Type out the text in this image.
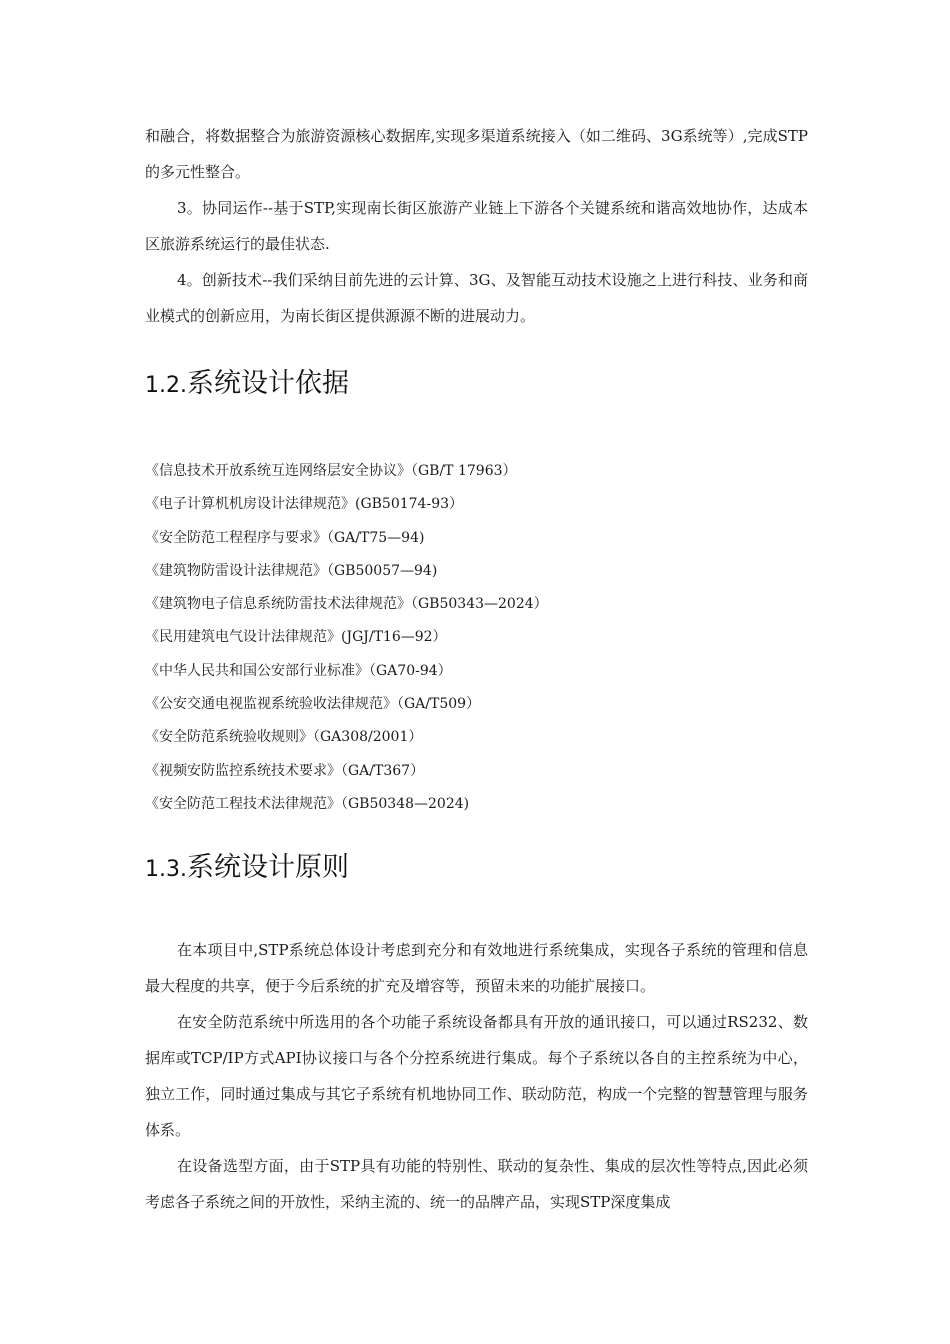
和融合，将数据整合为旅游资源核心数据库,实现多渠道系统接入（如二维码、3G系统等）,完成STP的多元性整合。

3。协同运作--基于STP,实现南长街区旅游产业链上下游各个关键系统和谐高效地协作，达成本区旅游系统运行的最佳状态.

4。创新技术--我们采纳目前先进的云计算、3G、及智能互动技术设施之上进行科技、业务和商业模式的创新应用，为南长街区提供源源不断的进展动力。

1.2.系统设计依据
《信息技术开放系统互连网络层安全协议》（GB/T 17963）
《电子计算机机房设计法律规范》(GB50174-93）
《安全防范工程程序与要求》（GA/T75—94)
《建筑物防雷设计法律规范》（GB50057—94)
《建筑物电子信息系统防雷技术法律规范》（GB50343—2024）
《民用建筑电气设计法律规范》(JGJ/T16—92）
《中华人民共和国公安部行业标准》（GA70-94）
《公安交通电视监视系统验收法律规范》（GA/T509）
《安全防范系统验收规则》（GA308/2001）
《视频安防监控系统技术要求》（GA/T367）
《安全防范工程技术法律规范》（GB50348—2024)
1.3.系统设计原则

在本项目中,STP系统总体设计考虑到充分和有效地进行系统集成，实现各子系统的管理和信息最大程度的共享，便于今后系统的扩充及增容等，预留未来的功能扩展接口。

在安全防范系统中所选用的各个功能子系统设备都具有开放的通讯接口，可以通过RS232、数据库或TCP/IP方式API协议接口与各个分控系统进行集成。每个子系统以各自的主控系统为中心，独立工作，同时通过集成与其它子系统有机地协同工作、联动防范，构成一个完整的智慧管理与服务体系。

在设备选型方面，由于STP具有功能的特别性、联动的复杂性、集成的层次性等特点,因此必须考虑各子系统之间的开放性，采纳主流的、统一的品牌产品，实现STP深度集成
